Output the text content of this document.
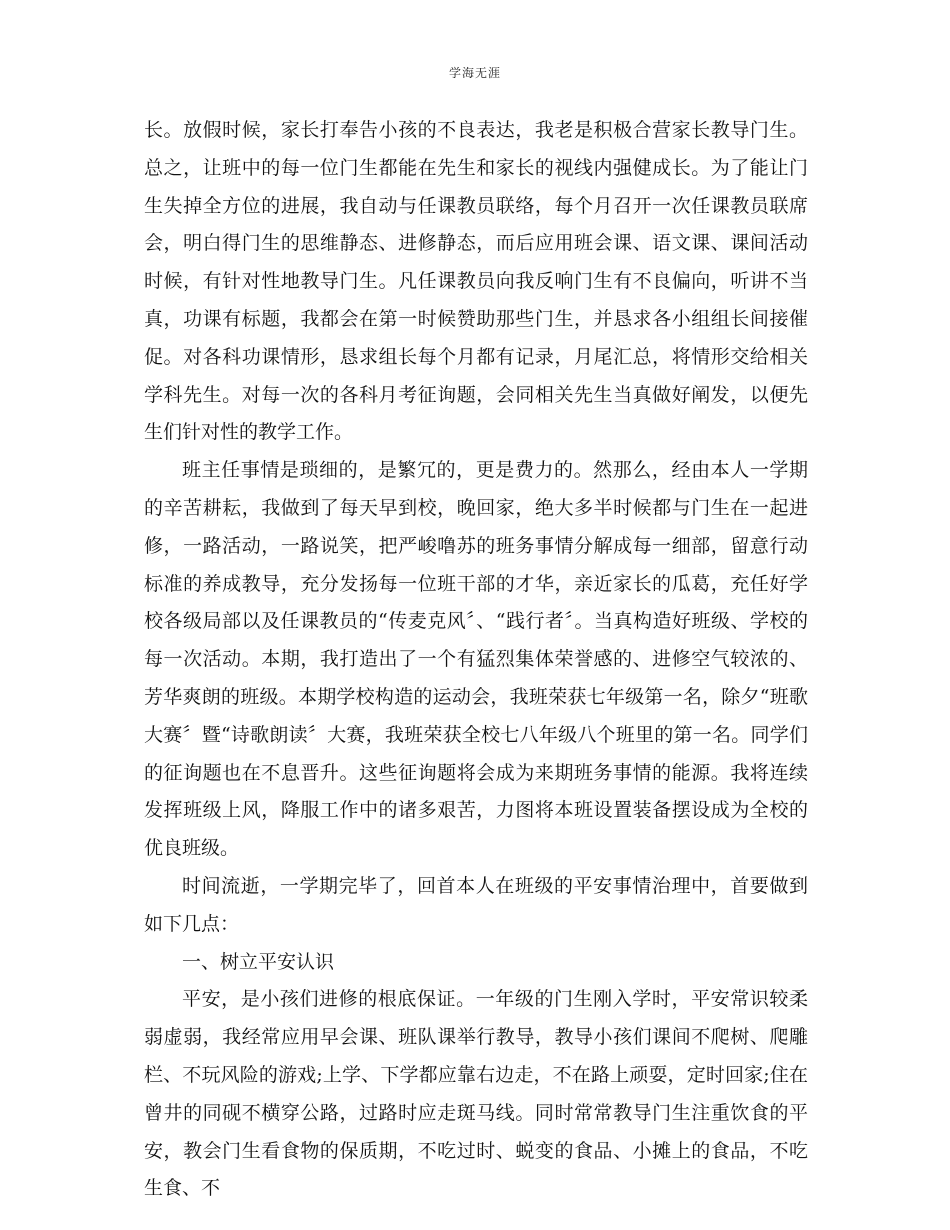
学海无涯

长。放假时候，家长打奉告小孩的不良表达，我老是积极合营家长教导门生。总之，让班中的每一位门生都能在先生和家长的视线内强健成长。为了能让门生失掉全方位的进展，我自动与任课教员联络，每个月召开一次任课教员联席会，明白得门生的思维静态、进修静态，而后应用班会课、语文课、课间活动时候，有针对性地教导门生。凡任课教员向我反响门生有不良偏向，听讲不当真，功课有标题，我都会在第一时候赞助那些门生，并恳求各小组组长间接催促。对各科功课情形，恳求组长每个月都有记录，月尾汇总，将情形交给相关学科先生。对每一次的各科月考征询题，会同相关先生当真做好阐发，以便先生们针对性的教学工作。

班主任事情是琐细的，是繁冗的，更是费力的。然那么，经由本人一学期的辛苦耕耘，我做到了每天早到校，晚回家，绝大多半时候都与门生在一起进修，一路活动，一路说笑，把严峻噜苏的班务事情分解成每一细部，留意行动标准的养成教导，充分发扬每一位班干部的才华，亲近家长的瓜葛，充任好学校各级局部以及任课教员的“传麦克风〞、“践行者〞。当真构造好班级、学校的每一次活动。本期，我打造出了一个有猛烈集体荣誉感的、进修空气较浓的、芳华爽朗的班级。本期学校构造的运动会，我班荣获七年级第一名，除夕“班歌大赛〞暨“诗歌朗读〞大赛，我班荣获全校七八年级八个班里的第一名。同学们的征询题也在不息晋升。这些征询题将会成为来期班务事情的能源。我将连续发挥班级上风，降服工作中的诸多艰苦，力图将本班设置装备摆设成为全校的优良班级。

时间流逝，一学期完毕了，回首本人在班级的平安事情治理中，首要做到如下几点：

一、树立平安认识

平安，是小孩们进修的根底保证。一年级的门生刚入学时，平安常识较柔弱虚弱，我经常应用早会课、班队课举行教导，教导小孩们课间不爬树、爬雕栏、不玩风险的游戏;上学、下学都应靠右边走，不在路上顽耍，定时回家;住在曾井的同砚不横穿公路，过路时应走斑马线。同时常常教导门生注重饮食的平安，教会门生看食物的保质期，不吃过时、蜕变的食品、小摊上的食品，不吃生食、不
